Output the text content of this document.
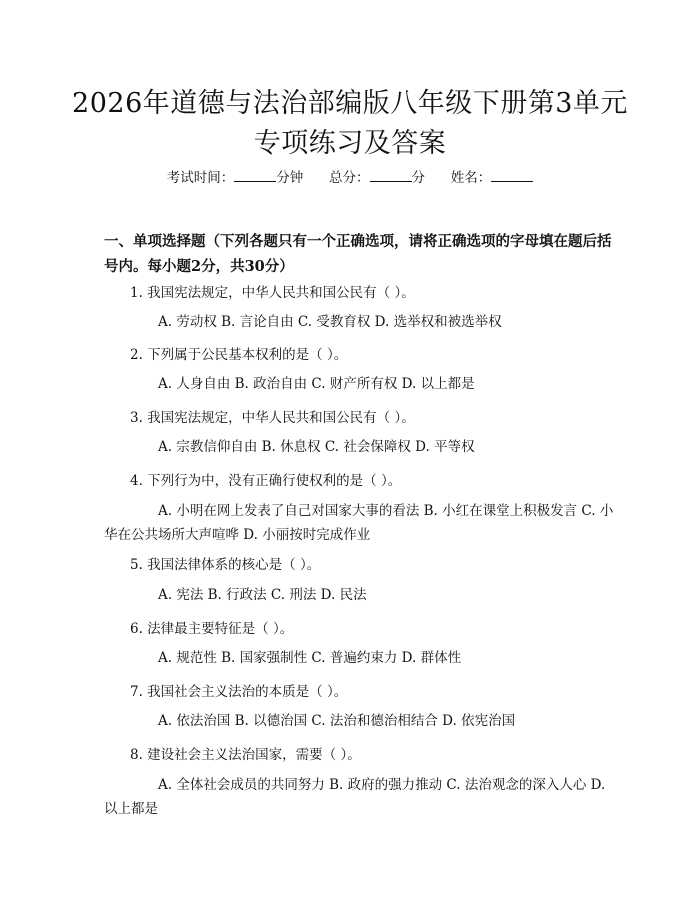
2026年道德与法治部编版八年级下册第3单元专项练习及答案
考试时间：	分钟 总分：	分 姓名：
一、单项选择题（下列各题只有一个正确选项，请将正确选项的字母填在题后括号内。每小题2分，共30分）
1. 我国宪法规定，中华人民共和国公民有（ ）。
A. 劳动权 B. 言论自由 C. 受教育权 D. 选举权和被选举权
2. 下列属于公民基本权利的是（ ）。
A. 人身自由 B. 政治自由 C. 财产所有权 D. 以上都是
3. 我国宪法规定，中华人民共和国公民有（ ）。
A. 宗教信仰自由 B. 休息权 C. 社会保障权 D. 平等权
4. 下列行为中，没有正确行使权利的是（ ）。
A. 小明在网上发表了自己对国家大事的看法 B. 小红在课堂上积极发言 C. 小华在公共场所大声喧哗 D. 小丽按时完成作业
5. 我国法律体系的核心是（ ）。
A. 宪法 B. 行政法 C. 刑法 D. 民法
6. 法律最主要特征是（ ）。
A. 规范性 B. 国家强制性 C. 普遍约束力 D. 群体性
7. 我国社会主义法治的本质是（ ）。
A. 依法治国 B. 以德治国 C. 法治和德治相结合 D. 依宪治国
8. 建设社会主义法治国家，需要（ ）。
A. 全体社会成员的共同努力 B. 政府的强力推动 C. 法治观念的深入人心 D. 以上都是
